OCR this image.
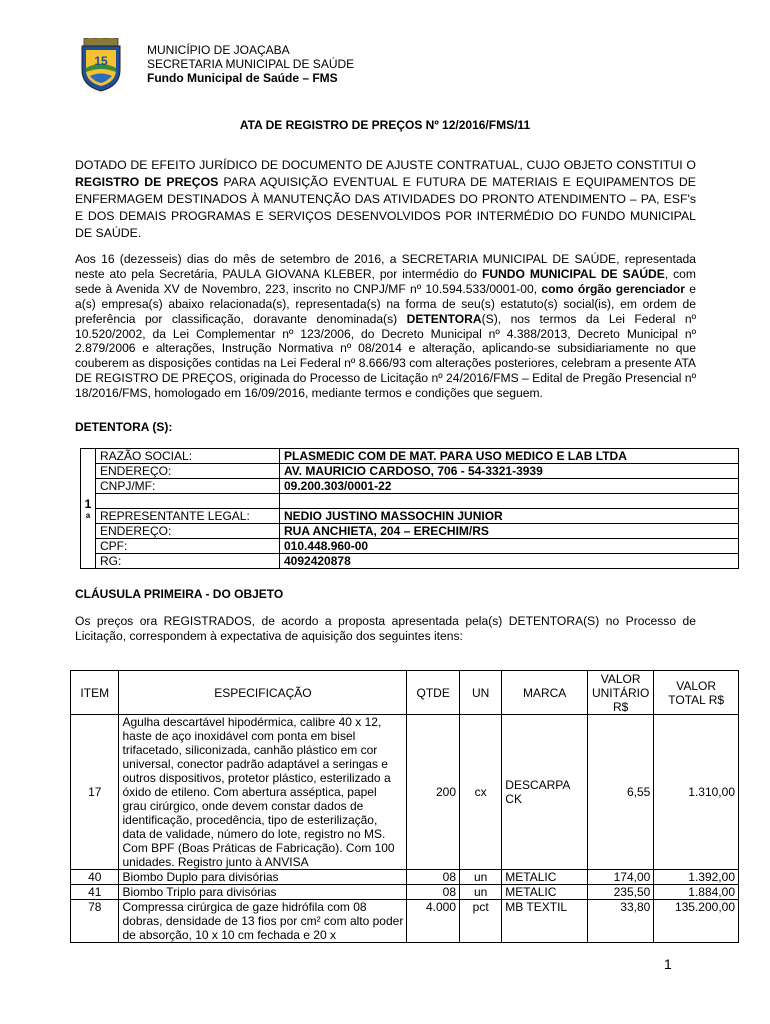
15
MUNICÍPIO DE JOAÇABA
SECRETARIA MUNICIPAL DE SAÚDE
Fundo Municipal de Saúde – FMS
ATA DE REGISTRO DE PREÇOS Nº 12/2016/FMS/11
DOTADO DE EFEITO JURÍDICO DE DOCUMENTO DE AJUSTE CONTRATUAL, CUJO OBJETO CONSTITUI O REGISTRO DE PREÇOS PARA AQUISIÇÃO EVENTUAL E FUTURA DE MATERIAIS E EQUIPAMENTOS DE ENFERMAGEM DESTINADOS À MANUTENÇÃO DAS ATIVIDADES DO PRONTO ATENDIMENTO – PA, ESF's E DOS DEMAIS PROGRAMAS E SERVIÇOS DESENVOLVIDOS POR INTERMÉDIO DO FUNDO MUNICIPAL DE SAÚDE.
Aos 16 (dezesseis) dias do mês de setembro de 2016, a SECRETARIA MUNICIPAL DE SAÚDE, representada neste ato pela Secretária, PAULA GIOVANA KLEBER, por intermédio do FUNDO MUNICIPAL DE SAÚDE, com sede à Avenida XV de Novembro, 223, inscrito no CNPJ/MF nº 10.594.533/0001-00, como órgão gerenciador e a(s) empresa(s) abaixo relacionada(s), representada(s) na forma de seu(s) estatuto(s) social(is), em ordem de preferência por classificação, doravante denominada(s) DETENTORA(S), nos termos da Lei Federal nº 10.520/2002, da Lei Complementar nº 123/2006, do Decreto Municipal nº 4.388/2013, Decreto Municipal nº 2.879/2006 e alterações, Instrução Normativa nº 08/2014 e alteração, aplicando-se subsidiariamente no que couberem as disposições contidas na Lei Federal nº 8.666/93 com alterações posteriores, celebram a presente ATA DE REGISTRO DE PREÇOS, originada do Processo de Licitação nº 24/2016/FMS – Edital de Pregão Presencial nº 18/2016/FMS, homologado em 16/09/2016, mediante termos e condições que seguem.
DETENTORA (S):
1
a	RAZÃO SOCIAL:	PLASMEDIC COM DE MAT. PARA USO MEDICO E LAB LTDA
	ENDEREÇO:	AV. MAURICIO CARDOSO, 706 - 54-3321-3939
	CNPJ/MF:	09.200.303/0001-22

	REPRESENTANTE LEGAL:	NEDIO JUSTINO MASSOCHIN JUNIOR
	ENDEREÇO:	RUA ANCHIETA, 204 – ERECHIM/RS
	CPF:	010.448.960-00
	RG:	4092420878
CLÁUSULA PRIMEIRA - DO OBJETO
Os preços ora REGISTRADOS, de acordo a proposta apresentada pela(s) DETENTORA(S) no Processo de Licitação, correspondem à expectativa de aquisição dos seguintes itens:
ITEM	ESPECIFICAÇÃO	QTDE	UN	MARCA	VALOR UNITÁRIO R$	VALOR TOTAL R$
17	Agulha descartável hipodérmica, calibre 40 x 12, haste de aço inoxidável com ponta em bisel trifacetado, siliconizada, canhão plástico em cor universal, conector padrão adaptável a seringas e outros dispositivos, protetor plástico, esterilizado a óxido de etileno. Com abertura asséptica, papel grau cirúrgico, onde devem constar dados de identificação, procedência, tipo de esterilização, data de validade, número do lote, registro no MS. Com BPF (Boas Práticas de Fabricação). Com 100 unidades. Registro junto à ANVISA	200	cx	DESCARPA CK	6,55	1.310,00
40	Biombo Duplo para divisórias	08	un	METALIC	174,00	1.392,00
41	Biombo Triplo para divisórias	08	un	METALIC	235,50	1.884,00
78	Compressa cirúrgica de gaze hidrófila com 08 dobras, densidade de 13 fios por cm² com alto poder de absorção, 10 x 10 cm fechada e 20 x	4.000	pct	MB TEXTIL	33,80	135.200,00
1
